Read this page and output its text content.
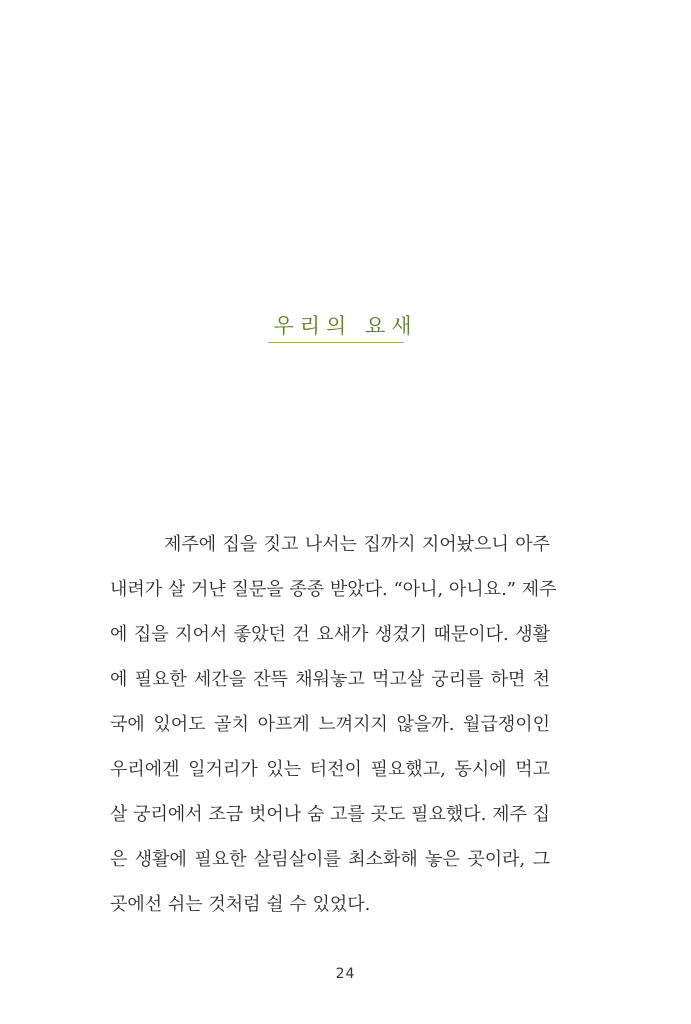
우리의 요새
제주에 집을 짓고 나서는 집까지 지어놨으니 아주
내려가 살 거냔 질문을 종종 받았다. “아니, 아니요.” 제주
에 집을 지어서 좋았던 건 요새가 생겼기 때문이다. 생활
에 필요한 세간을 잔뜩 채워놓고 먹고살 궁리를 하면 천
국에 있어도 골치 아프게 느껴지지 않을까. 월급쟁이인
우리에겐 일거리가 있는 터전이 필요했고, 동시에 먹고
살 궁리에서 조금 벗어나 숨 고를 곳도 필요했다. 제주 집
은 생활에 필요한 살림살이를 최소화해 놓은 곳이라, 그
곳에선 쉬는 것처럼 쉴 수 있었다.
24
